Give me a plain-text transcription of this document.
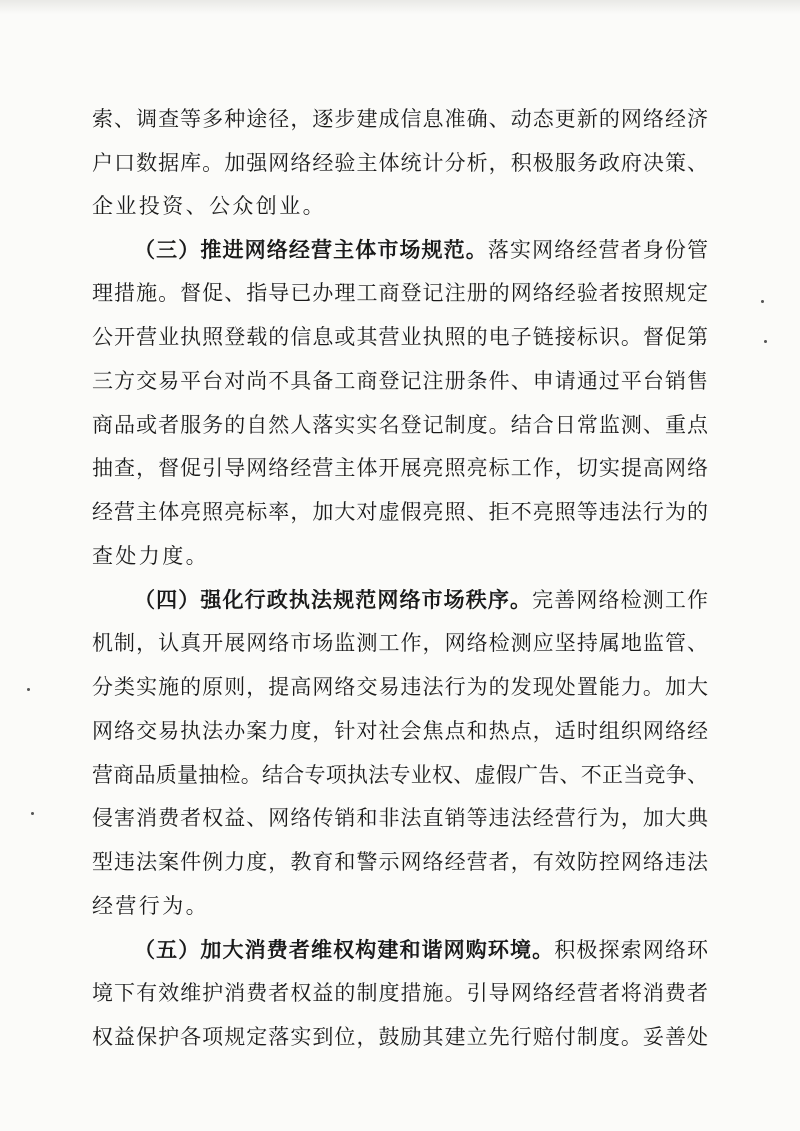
索、调查等多种途径，逐步建成信息准确、动态更新的网络经济
户口数据库。加强网络经验主体统计分析，积极服务政府决策、
企业投资、公众创业。
（三）推进网络经营主体市场规范。落实网络经营者身份管
理措施。督促、指导已办理工商登记注册的网络经验者按照规定
公开营业执照登载的信息或其营业执照的电子链接标识。督促第
三方交易平台对尚不具备工商登记注册条件、申请通过平台销售
商品或者服务的自然人落实实名登记制度。结合日常监测、重点
抽查，督促引导网络经营主体开展亮照亮标工作，切实提高网络
经营主体亮照亮标率，加大对虚假亮照、拒不亮照等违法行为的
查处力度。
（四）强化行政执法规范网络市场秩序。完善网络检测工作
机制，认真开展网络市场监测工作，网络检测应坚持属地监管、
分类实施的原则，提高网络交易违法行为的发现处置能力。加大
网络交易执法办案力度，针对社会焦点和热点，适时组织网络经
营商品质量抽检。结合专项执法专业权、虚假广告、不正当竞争、
侵害消费者权益、网络传销和非法直销等违法经营行为，加大典
型违法案件例力度，教育和警示网络经营者，有效防控网络违法
经营行为。
（五）加大消费者维权构建和谐网购环境。积极探索网络环
境下有效维护消费者权益的制度措施。引导网络经营者将消费者
权益保护各项规定落实到位，鼓励其建立先行赔付制度。妥善处
